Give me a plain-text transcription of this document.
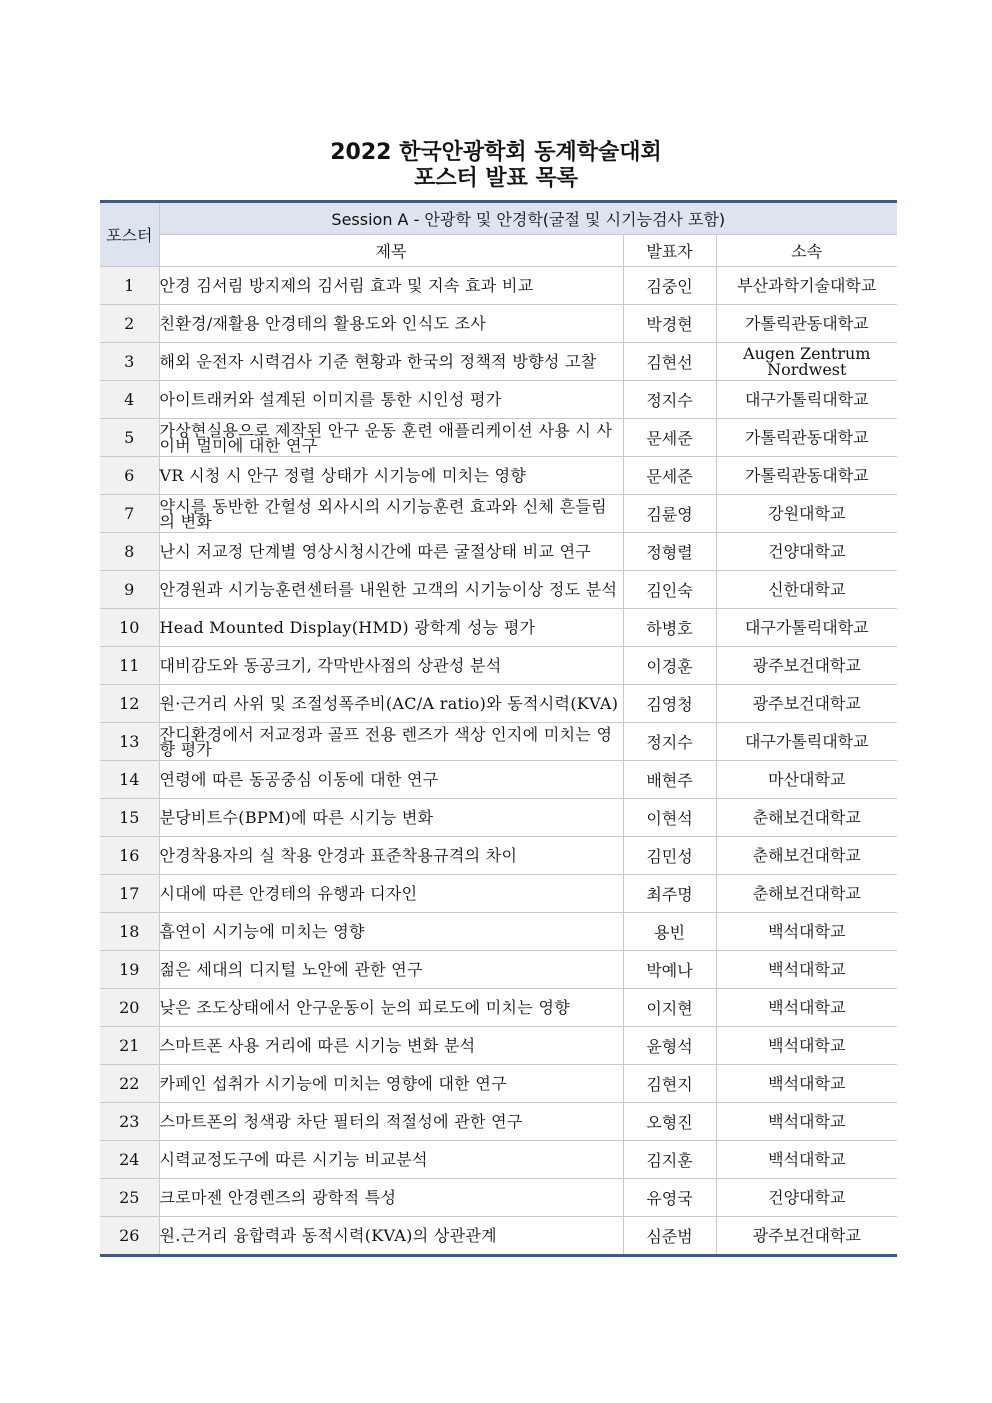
2022 한국안광학회 동계학술대회
포스터 발표 목록
포스터	Session A - 안광학 및 안경학(굴절 및 시기능검사 포함)		
	제목	발표자	소속
1	안경 김서림 방지제의 김서림 효과 및 지속 효과 비교	김중인	부산과학기술대학교
2	친환경/재활용 안경테의 활용도와 인식도 조사	박경현	가톨릭관동대학교
3	해외 운전자 시력검사 기준 현황과 한국의 정책적 방향성 고찰	김현선	Augen Zentrum Nordwest
4	아이트래커와 설계된 이미지를 통한 시인성 평가	정지수	대구가톨릭대학교
5	가상현실용으로 제작된 안구 운동 훈련 애플리케이션 사용 시 사이버 멀미에 대한 연구	문세준	가톨릭관동대학교
6	VR 시청 시 안구 정렬 상태가 시기능에 미치는 영향	문세준	가톨릭관동대학교
7	약시를 동반한 간헐성 외사시의 시기능훈련 효과와 신체 흔들림의 변화	김륜영	강원대학교
8	난시 저교정 단계별 영상시청시간에 따른 굴절상태 비교 연구	정형렬	건양대학교
9	안경원과 시기능훈련센터를 내원한 고객의 시기능이상 정도 분석	김인숙	신한대학교
10	Head Mounted Display(HMD) 광학계 성능 평가	하병호	대구가톨릭대학교
11	대비감도와 동공크기, 각막반사점의 상관성 분석	이경훈	광주보건대학교
12	원·근거리 사위 및 조절성폭주비(AC/A ratio)와 동적시력(KVA)	김영청	광주보건대학교
13	잔디환경에서 저교정과 골프 전용 렌즈가 색상 인지에 미치는 영향 평가	정지수	대구가톨릭대학교
14	연령에 따른 동공중심 이동에 대한 연구	배현주	마산대학교
15	분당비트수(BPM)에 따른 시기능 변화	이현석	춘해보건대학교
16	안경착용자의 실 착용 안경과 표준착용규격의 차이	김민성	춘해보건대학교
17	시대에 따른 안경테의 유행과 디자인	최주명	춘해보건대학교
18	흡연이 시기능에 미치는 영향	용빈	백석대학교
19	젊은 세대의 디지털 노안에 관한 연구	박예나	백석대학교
20	낮은 조도상태에서 안구운동이 눈의 피로도에 미치는 영향	이지현	백석대학교
21	스마트폰 사용 거리에 따른 시기능 변화 분석	윤형석	백석대학교
22	카페인 섭취가 시기능에 미치는 영향에 대한 연구	김현지	백석대학교
23	스마트폰의 청색광 차단 필터의 적절성에 관한 연구	오형진	백석대학교
24	시력교정도구에 따른 시기능 비교분석	김지훈	백석대학교
25	크로마젠 안경렌즈의 광학적 특성	유영국	건양대학교
26	원.근거리 융합력과 동적시력(KVA)의 상관관계	심준범	광주보건대학교
